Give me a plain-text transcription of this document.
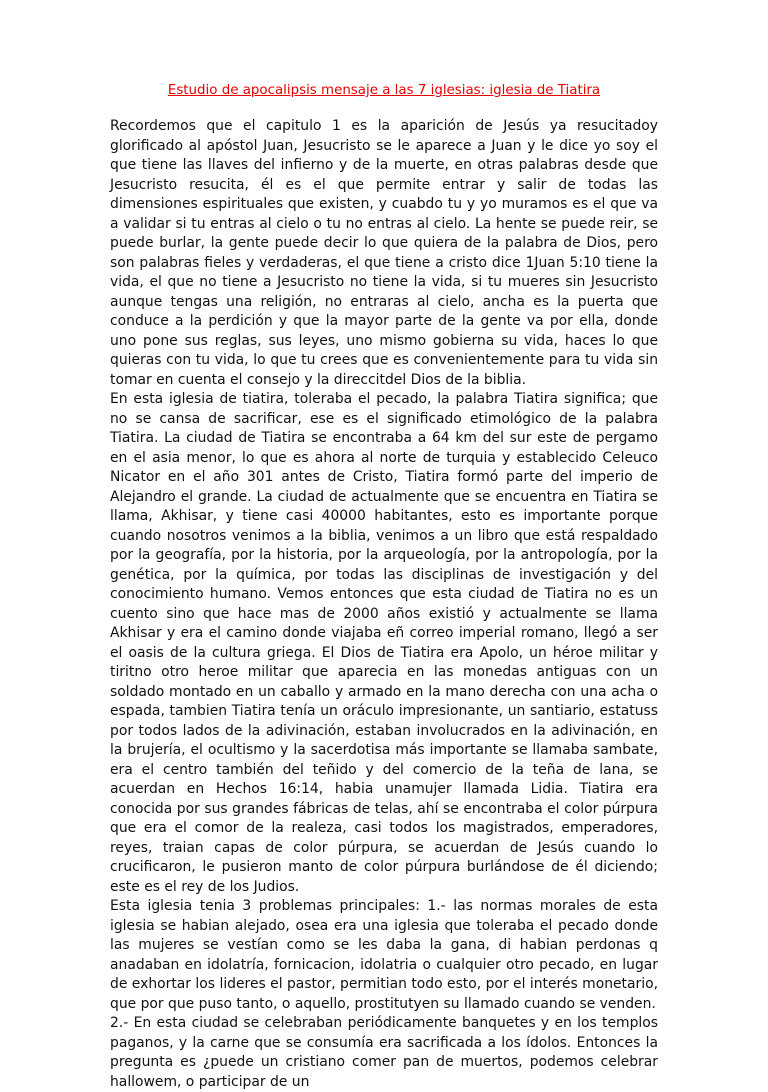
Estudio de apocalipsis mensaje a las 7 iglesias: iglesia de Tiatira

Recordemos que el capitulo 1 es la aparición de Jesús ya resucitadoy glorificado al apóstol Juan, Jesucristo se le aparece a Juan y le dice yo soy el que tiene las llaves del infierno y de la muerte, en otras palabras desde que Jesucristo resucita, él es el que permite entrar y salir de todas las dimensiones espirituales que existen, y cuabdo tu y yo muramos es el que va a validar si tu entras al cielo o tu no entras al cielo. La hente se puede reir, se puede burlar, la gente puede decir lo que quiera de la palabra de Dios, pero son palabras fieles y verdaderas, el que tiene a cristo dice 1Juan 5:10 tiene la vida, el que no tiene a Jesucristo no tiene la vida, si tu mueres sin Jesucristo aunque tengas una religión, no entraras al cielo, ancha es la puerta que conduce a la perdición y que la mayor parte de la gente va por ella, donde uno pone sus reglas, sus leyes, uno mismo gobierna su vida, haces lo que quieras con tu vida, lo que tu crees que es convenientemente para tu vida sin tomar en cuenta el consejo y la direccitdel Dios de la biblia.

En esta iglesia de tiatira, toleraba el pecado, la palabra Tiatira significa; que no se cansa de sacrificar, ese es el significado etimológico de la palabra Tiatira. La ciudad de Tiatira se encontraba a 64 km del sur este de pergamo en el asia menor, lo que es ahora al norte de turquia y establecido Celeuco Nicator en el año 301 antes de Cristo, Tiatira formó parte del imperio de Alejandro el grande. La ciudad de actualmente que se encuentra en Tiatira se llama, Akhisar, y tiene casi 40000 habitantes, esto es importante porque cuando nosotros venimos a la biblia, venimos a un libro que está respaldado por la geografía, por la historia, por la arqueología, por la antropología, por la genética, por la química, por todas las disciplinas de investigación y del conocimiento humano. Vemos entonces que esta ciudad de Tiatira no es un cuento sino que hace mas de 2000 años existió y actualmente se llama Akhisar y era el camino donde viajaba eñ correo imperial romano, llegó a ser el oasis de la cultura griega. El Dios de Tiatira era Apolo, un héroe militar y tiritno otro heroe militar que aparecia en las monedas antiguas con un soldado montado en un caballo y armado en la mano derecha con una acha o espada, tambien Tiatira tenía un oráculo impresionante, un santiario, estatuss por todos lados de la adivinación, estaban involucrados en la adivinación, en la brujería, el ocultismo y la sacerdotisa más importante se llamaba sambate, era el centro también del teñido y del comercio de la teña de lana, se acuerdan en Hechos 16:14, habia unamujer llamada Lidia. Tiatira era conocida por sus grandes fábricas de telas, ahí se encontraba el color púrpura que era el comor de la realeza, casi todos los magistrados, emperadores, reyes, traian capas de color púrpura, se acuerdan de Jesús cuando lo crucificaron, le pusieron manto de color púrpura burlándose de él diciendo; este es el rey de los Judios.

Esta iglesia tenia 3 problemas principales: 1.- las normas morales de esta iglesia se habian alejado, osea era una iglesia que toleraba el pecado donde las mujeres se vestían como se les daba la gana, di habian perdonas q anadaban en idolatría, fornicacion, idolatria o cualquier otro pecado, en lugar de exhortar los lideres el pastor, permitian todo esto, por el interés monetario, que por que puso tanto, o aquello, prostitutyen su llamado cuando se venden.

2.- En esta ciudad se celebraban periódicamente banquetes y en los templos paganos, y la carne que se consumía era sacrificada a los ídolos. Entonces la pregunta es ¿puede un cristiano comer pan de muertos, podemos celebrar hallowem, o participar de un
